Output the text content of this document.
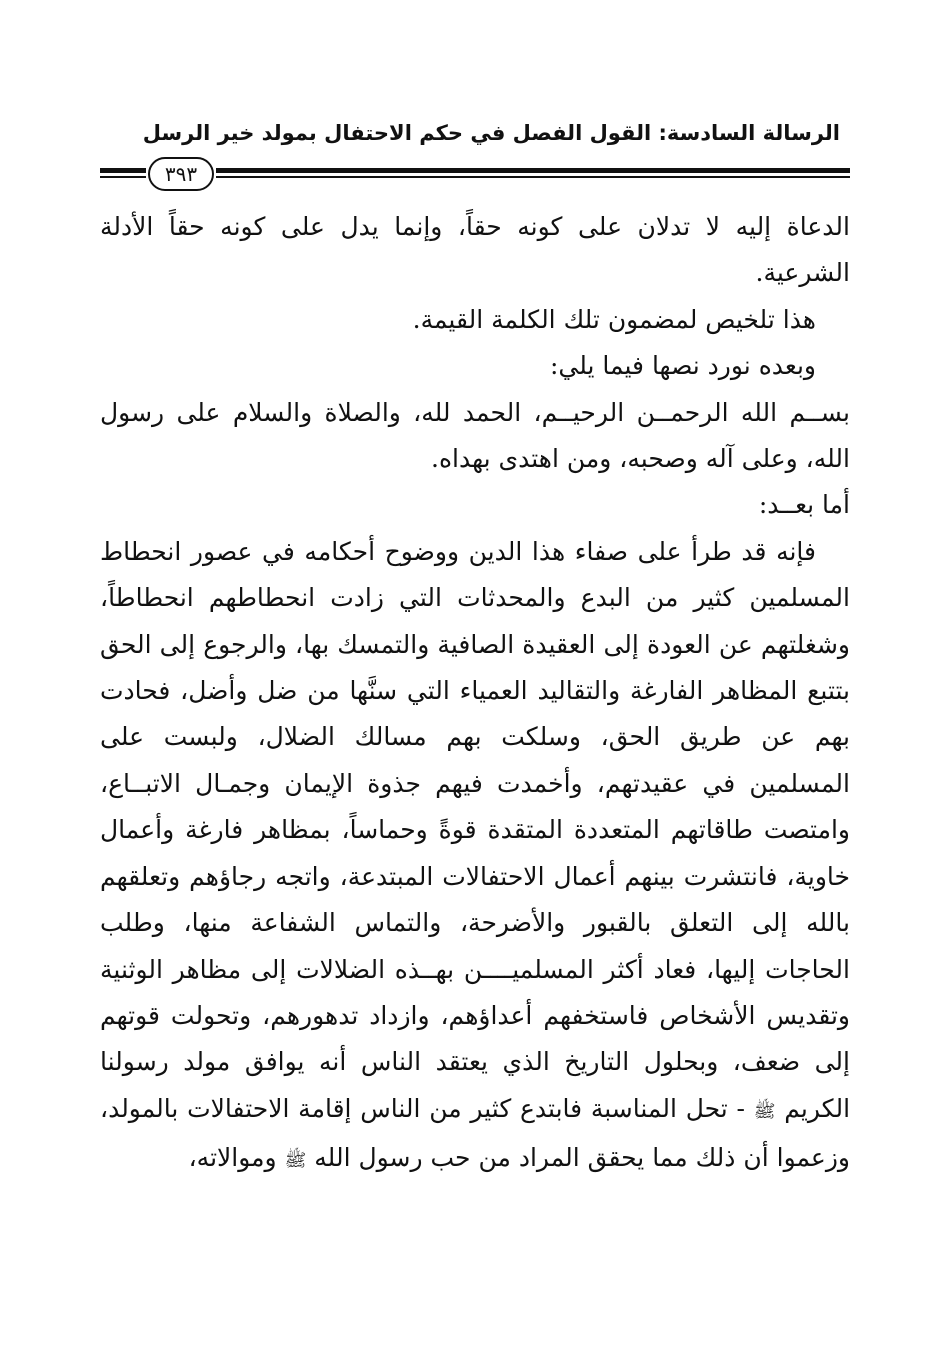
الرسالة السادسة: القول الفصل في حكم الاحتفال بمولد خير الرسل
٣٩٣

الدعاة إليه لا تدلان على كونه حقاً، وإنما يدل على كونه حقاً الأدلة الشرعية.

هذا تلخيص لمضمون تلك الكلمة القيمة.

وبعده نورد نصها فيما يلي:

بســم الله الرحمــن الرحيــم، الحمد لله، والصلاة والسلام على رسول الله، وعلى آله وصحبه، ومن اهتدى بهداه.

أما بعــد:

فإنه قد طرأ على صفاء هذا الدين ووضوح أحكامه في عصور انحطاط المسلمين كثير من البدع والمحدثات التي زادت انحطاطهم انحطاطاً، وشغلتهم عن العودة إلى العقيدة الصافية والتمسك بها، والرجوع إلى الحق بتتبع المظاهر الفارغة والتقاليد العمياء التي سنَّها من ضل وأضل، فحادت بهم عن طريق الحق، وسلكت بهم مسالك الضلال، ولبست على المسلمين في عقيدتهم، وأخمدت فيهم جذوة الإيمان وجمـال الاتبــاع، وامتصت طاقاتهم المتعددة المتقدة قوةً وحماساً، بمظاهر فارغة وأعمال خاوية، فانتشرت بينهم أعمال الاحتفالات المبتدعة، واتجه رجاؤهم وتعلقهم بالله إلى التعلق بالقبور والأضرحة، والتماس الشفاعة منها، وطلب الحاجات إليها، فعاد أكثر المسلميــــن بهــذه الضلالات إلى مظاهر الوثنية وتقديس الأشخاص فاستخفهم أعداؤهم، وازداد تدهورهم، وتحولت قوتهم إلى ضعف، وبحلول التاريخ الذي يعتقد الناس أنه يوافق مولد رسولنا الكريم ﷺ - تحل المناسبة فابتدع كثير من الناس إقامة الاحتفالات بالمولد، وزعموا أن ذلك مما يحقق المراد من حب رسول الله ﷺ وموالاته،
